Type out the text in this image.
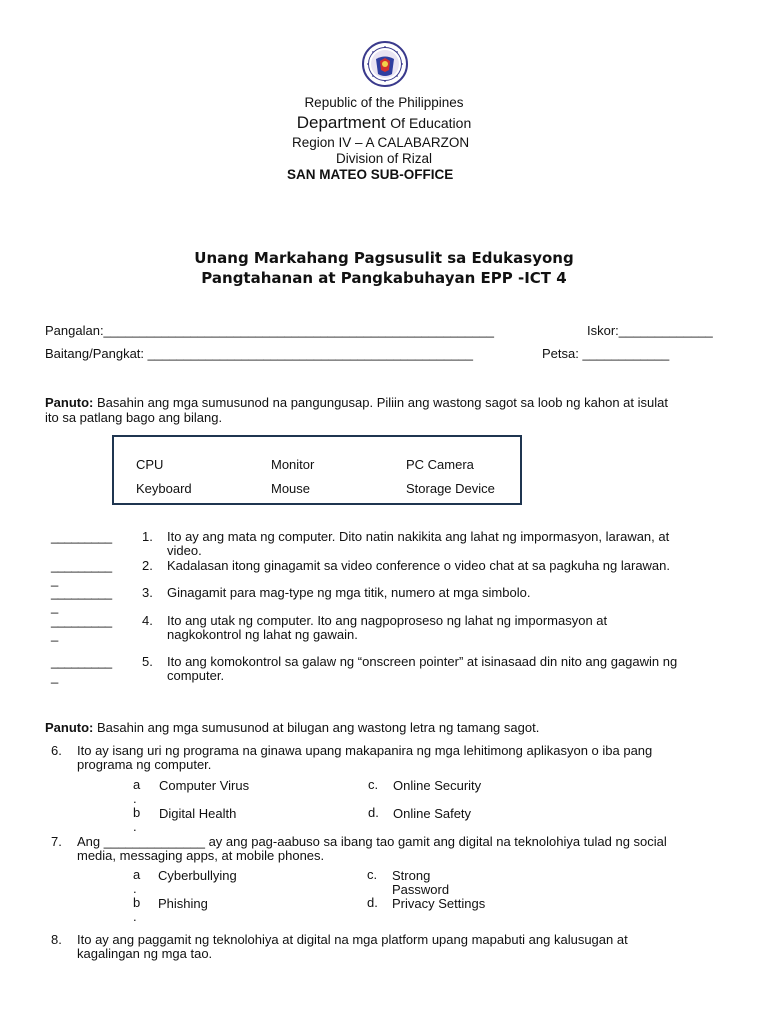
Republic of the Philippines
Department Of Education
Region IV – A CALABARZON
Division of Rizal
SAN MATEO SUB-OFFICE
Unang Markahang Pagsusulit sa Edukasyong
Pangtahanan at Pangkabuhayan EPP -ICT 4
Pangalan:______________________________________________________	Iskor:_____________
Baitang/Pangkat: _____________________________________________	Petsa: ____________
Panuto: Basahin ang mga sumusunod na pangungusap. Piliin ang wastong sagot sa loob ng kahon at isulat
ito sa patlang bago ang bilang.
CPU	Monitor	PC Camera
Keyboard	Mouse	Storage Device
_________ 1. Ito ay ang mata ng computer. Dito natin nakikita ang lahat ng impormasyon, larawan, at
video.
_________
_
2. Kadalasan itong ginagamit sa video conference o video chat at sa pagkuha ng larawan.
_________
_
3. Ginagamit para mag-type ng mga titik, numero at mga simbolo.
_________
_
4. Ito ang utak ng computer. Ito ang nagpoproseso ng lahat ng impormasyon at
nagkokontrol ng lahat ng gawain.
_________
_
5. Ito ang komokontrol sa galaw ng “onscreen pointer” at isinasaad din nito ang gagawin ng
computer.
Panuto: Basahin ang mga sumusunod at bilugan ang wastong letra ng tamang sagot.
6. Ito ay isang uri ng programa na ginawa upang makapanira ng mga lehitimong aplikasyon o iba pang
programa ng computer.
a
.
Computer Virus	c. Online Security
b
.
Digital Health	d. Online Safety
7. Ang ______________ ay ang pag-aabuso sa ibang tao gamit ang digital na teknolohiya tulad ng social
media, messaging apps, at mobile phones.
a
.
Cyberbullying	c. Strong
Password
b
.
Phishing	d. Privacy Settings
8. Ito ay ang paggamit ng teknolohiya at digital na mga platform upang mapabuti ang kalusugan at
kagalingan ng mga tao.
